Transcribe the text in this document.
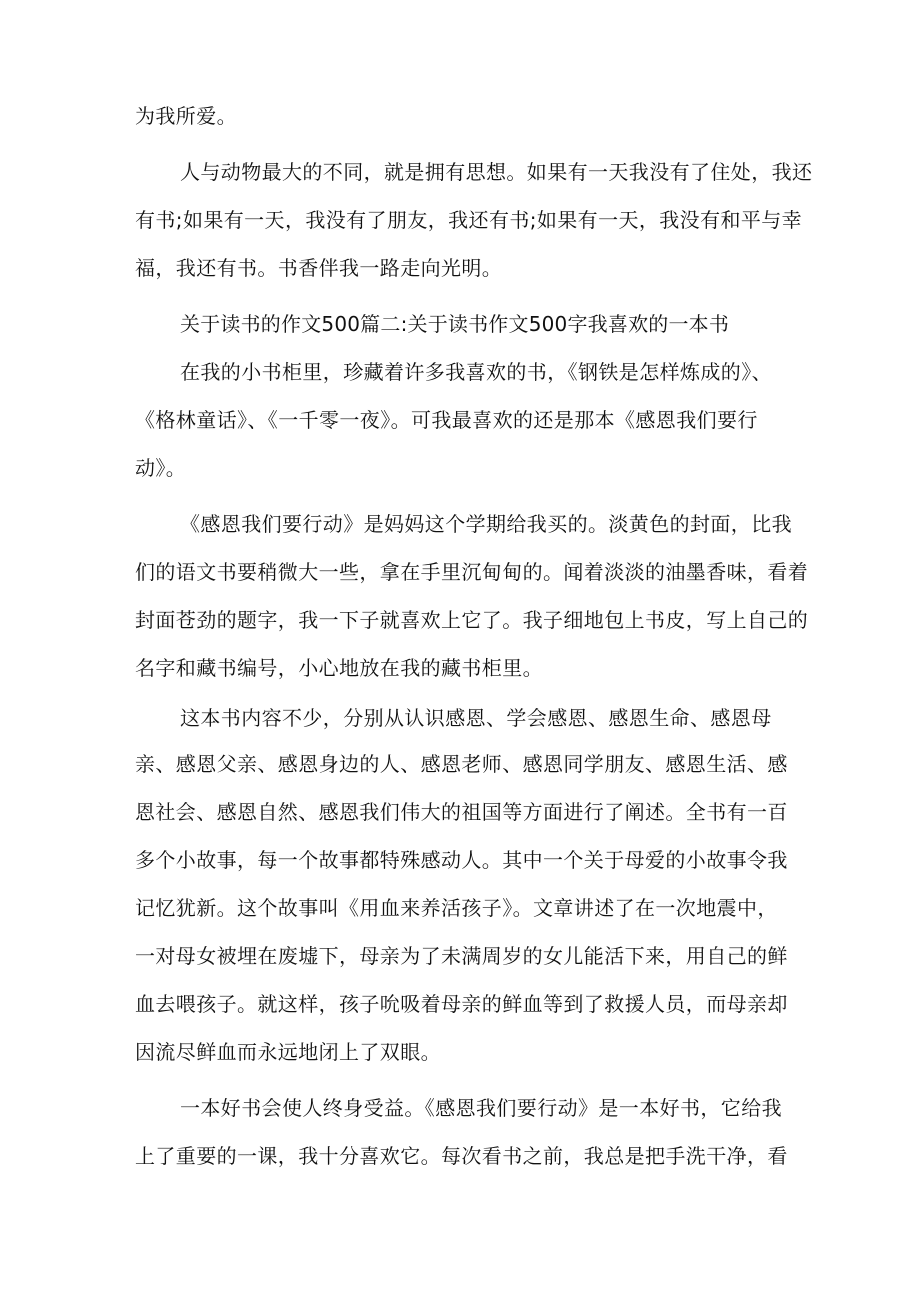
为我所爱。
人与动物最大的不同，就是拥有思想。如果有一天我没有了住处，我还
有书;如果有一天，我没有了朋友，我还有书;如果有一天，我没有和平与幸
福，我还有书。书香伴我一路走向光明。
关于读书的作文500篇二:关于读书作文500字我喜欢的一本书
在我的小书柜里，珍藏着许多我喜欢的书，《钢铁是怎样炼成的》、
《格林童话》、《一千零一夜》。可我最喜欢的还是那本《感恩我们要行
动》。
《感恩我们要行动》是妈妈这个学期给我买的。淡黄色的封面，比我
们的语文书要稍微大一些，拿在手里沉甸甸的。闻着淡淡的油墨香味，看着
封面苍劲的题字，我一下子就喜欢上它了。我子细地包上书皮，写上自己的
名字和藏书编号，小心地放在我的藏书柜里。
这本书内容不少，分别从认识感恩、学会感恩、感恩生命、感恩母
亲、感恩父亲、感恩身边的人、感恩老师、感恩同学朋友、感恩生活、感
恩社会、感恩自然、感恩我们伟大的祖国等方面进行了阐述。全书有一百
多个小故事，每一个故事都特殊感动人。其中一个关于母爱的小故事令我
记忆犹新。这个故事叫《用血来养活孩子》。文章讲述了在一次地震中，
一对母女被埋在废墟下，母亲为了未满周岁的女儿能活下来，用自己的鲜
血去喂孩子。就这样，孩子吮吸着母亲的鲜血等到了救援人员，而母亲却
因流尽鲜血而永远地闭上了双眼。
一本好书会使人终身受益。《感恩我们要行动》是一本好书，它给我
上了重要的一课，我十分喜欢它。每次看书之前，我总是把手洗干净，看
